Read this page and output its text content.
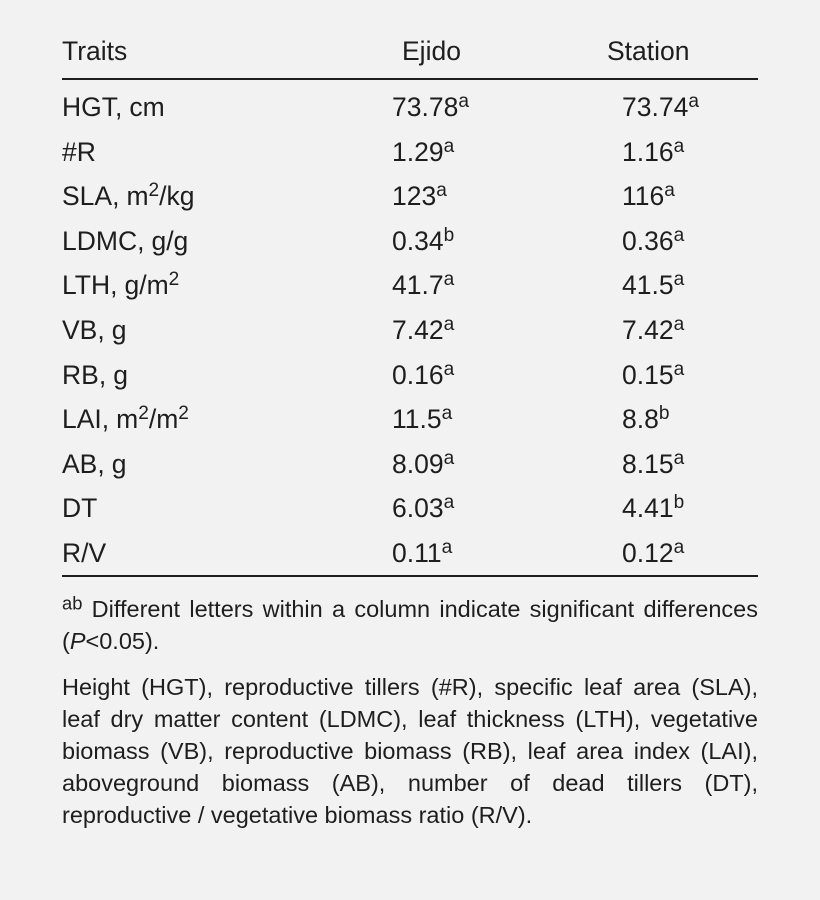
Traits	Ejido	Station
HGT, cm	73.78$^a$	73.74$^a$
#R	1.29$^a$	1.16$^a$
SLA, $m^2/kg$	123$^a$	116$^a$
LDMC, g/g	0.34$^b$	0.36$^a$
LTH, $g/m^2$	41.7$^a$	41.5$^a$
VB, g	7.42$^a$	7.42$^a$
RB, g	0.16$^a$	0.15$^a$
LAI, $m^2/m^2$	11.5$^a$	8.8$^b$
AB, g	8.09$^a$	8.15$^a$
DT	6.03$^a$	4.41$^b$
R/V	0.11$^a$	0.12$^a$
$^{ab}$ Different letters within a column indicate significant differences (P<0.05).
Height (HGT), reproductive tillers (#R), specific leaf area (SLA), leaf dry matter content (LDMC), leaf thickness (LTH), vegetative biomass (VB), reproductive biomass (RB), leaf area index (LAI), aboveground biomass (AB), number of dead tillers (DT), reproductive / vegetative biomass ratio (R/V).
